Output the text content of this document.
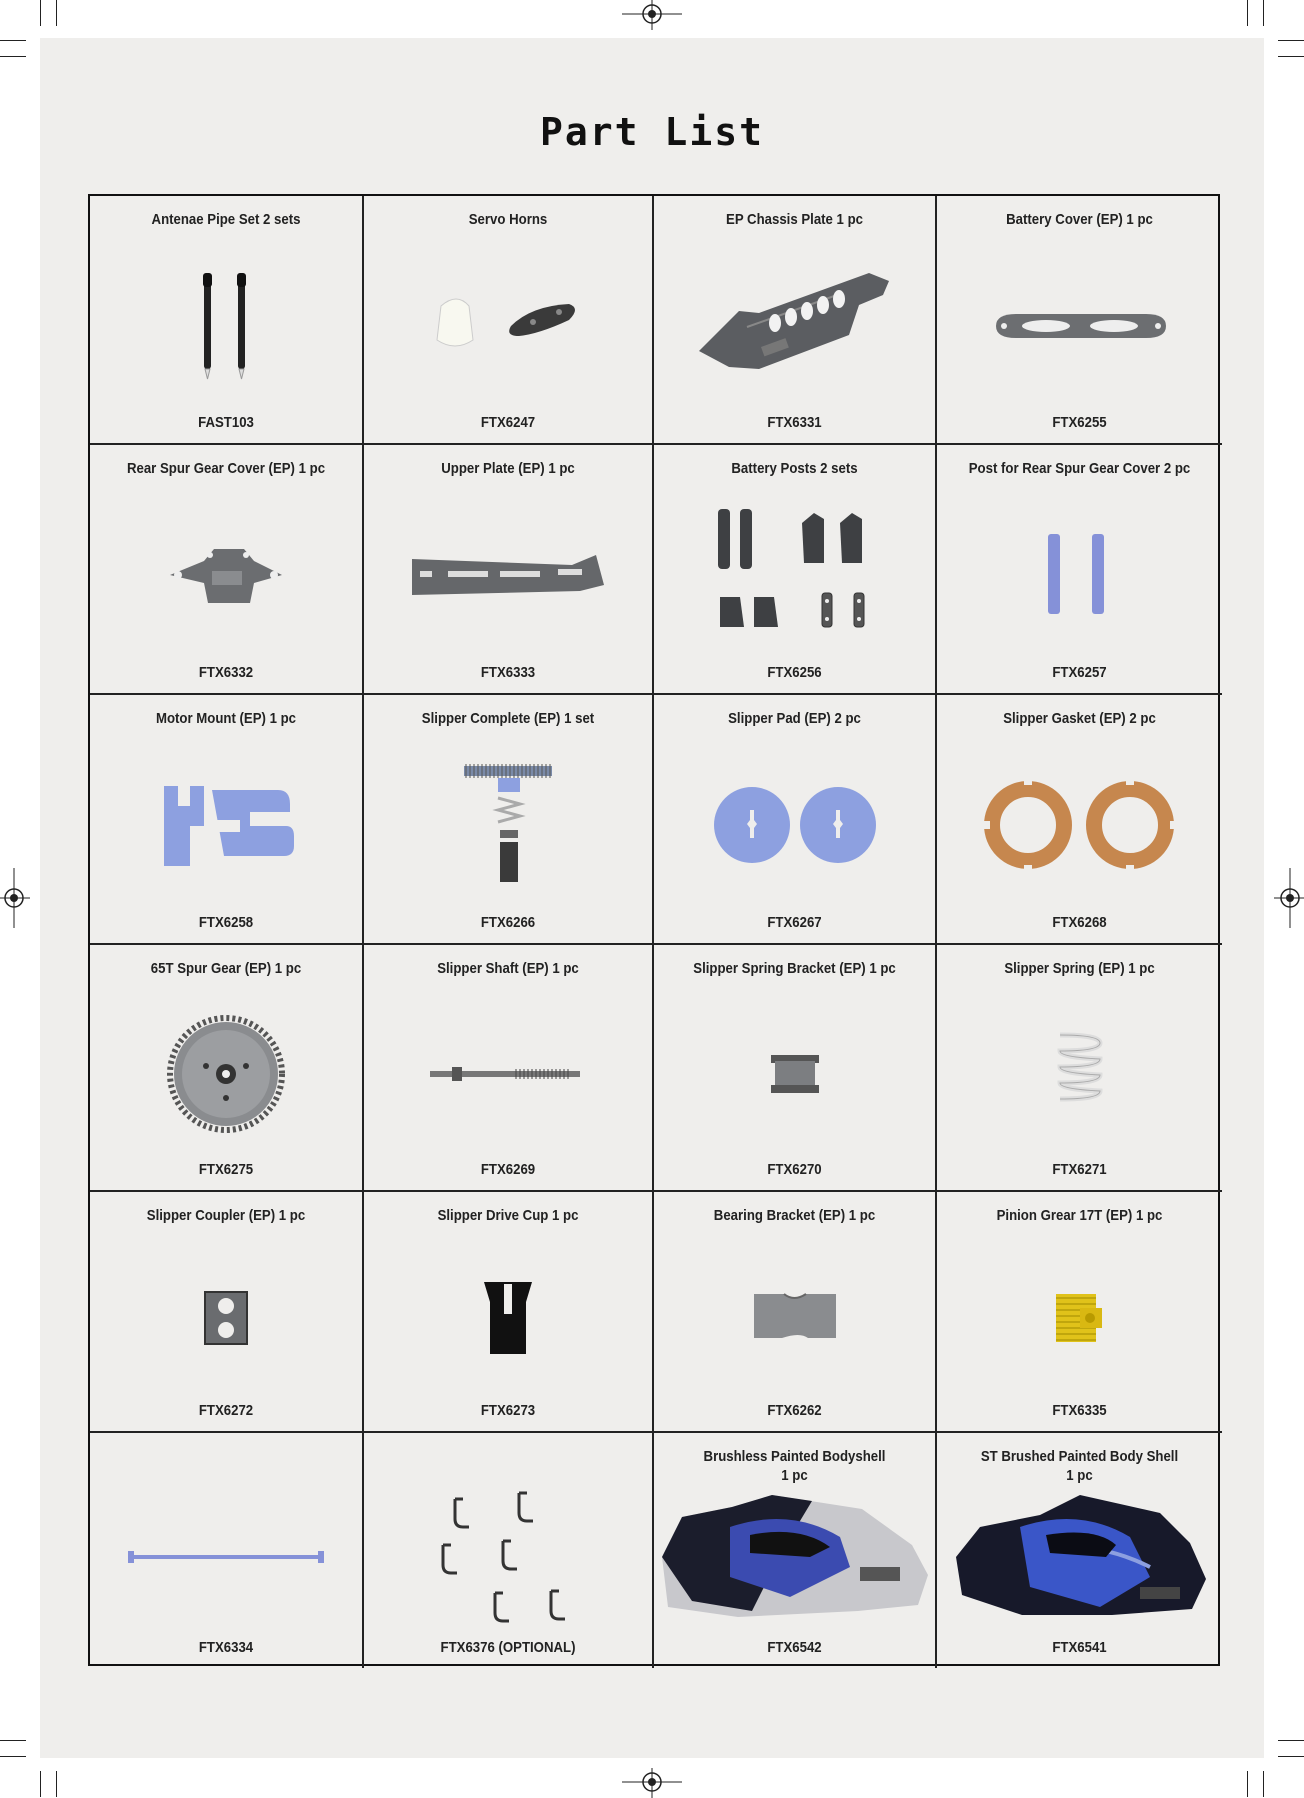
Part List
Antenae Pipe Set 2 sets
FAST103
Servo Horns
FTX6247
EP Chassis Plate 1 pc
FTX6331
Battery Cover (EP) 1 pc
FTX6255
Rear Spur Gear Cover (EP) 1 pc
FTX6332
Upper Plate (EP) 1 pc
FTX6333
Battery Posts 2 sets
FTX6256
Post for Rear Spur Gear Cover 2 pc
FTX6257
Motor Mount (EP) 1 pc
FTX6258
Slipper Complete (EP) 1 set
FTX6266
Slipper Pad (EP) 2 pc
FTX6267
Slipper Gasket (EP) 2 pc
FTX6268
65T Spur Gear (EP) 1 pc
FTX6275
Slipper Shaft (EP) 1 pc
FTX6269
Slipper Spring Bracket (EP) 1 pc
FTX6270
Slipper Spring (EP) 1 pc
FTX6271
Slipper Coupler (EP) 1 pc
FTX6272
Slipper Drive Cup 1 pc
FTX6273
Bearing Bracket (EP) 1 pc
FTX6262
Pinion Grear 17T (EP) 1 pc
FTX6335
FTX6334	FTX6376 (OPTIONAL)
Brushless Painted Bodyshell
1 pc
FTX6542
ST Brushed Painted Body Shell
1 pc
FTX6541
